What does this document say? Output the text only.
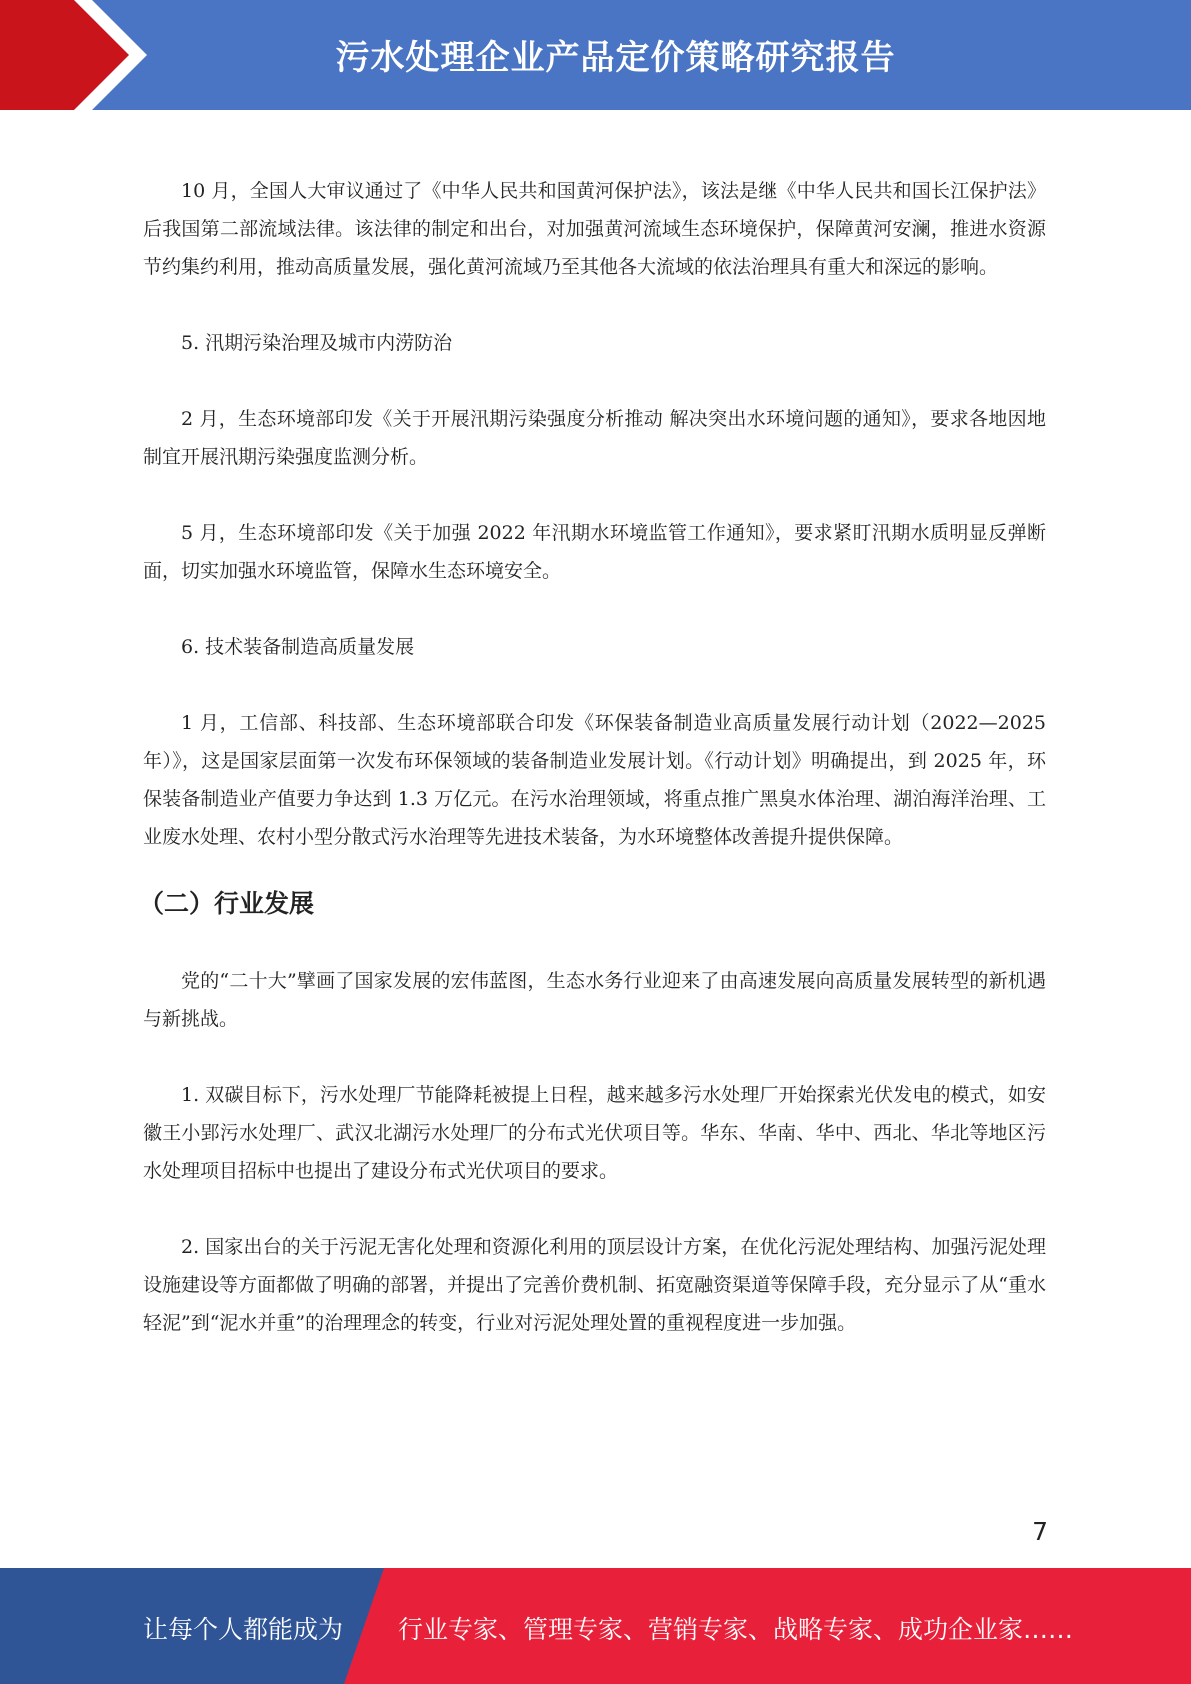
污水处理企业产品定价策略研究报告

10 月，全国人大审议通过了《中华人民共和国黄河保护法》，该法是继《中华人民共和国长江保护法》后我国第二部流域法律。该法律的制定和出台，对加强黄河流域生态环境保护，保障黄河安澜，推进水资源节约集约利用，推动高质量发展，强化黄河流域乃至其他各大流域的依法治理具有重大和深远的影响。

5. 汛期污染治理及城市内涝防治

2 月，生态环境部印发《关于开展汛期污染强度分析推动 解决突出水环境问题的通知》，要求各地因地制宜开展汛期污染强度监测分析。

5 月，生态环境部印发《关于加强 2022 年汛期水环境监管工作通知》，要求紧盯汛期水质明显反弹断面，切实加强水环境监管，保障水生态环境安全。

6. 技术装备制造高质量发展

1 月，工信部、科技部、生态环境部联合印发《环保装备制造业高质量发展行动计划（2022—2025 年）》，这是国家层面第一次发布环保领域的装备制造业发展计划。《行动计划》明确提出，到 2025 年，环保装备制造业产值要力争达到 1.3 万亿元。在污水治理领域，将重点推广黑臭水体治理、湖泊海洋治理、工业废水处理、农村小型分散式污水治理等先进技术装备，为水环境整体改善提升提供保障。

（二）行业发展

党的“二十大”擘画了国家发展的宏伟蓝图，生态水务行业迎来了由高速发展向高质量发展转型的新机遇与新挑战。

1. 双碳目标下，污水处理厂节能降耗被提上日程，越来越多污水处理厂开始探索光伏发电的模式，如安徽王小郢污水处理厂、武汉北湖污水处理厂的分布式光伏项目等。华东、华南、华中、西北、华北等地区污水处理项目招标中也提出了建设分布式光伏项目的要求。

2. 国家出台的关于污泥无害化处理和资源化利用的顶层设计方案，在优化污泥处理结构、加强污泥处理设施建设等方面都做了明确的部署，并提出了完善价费机制、拓宽融资渠道等保障手段，充分显示了从“重水轻泥”到“泥水并重”的治理理念的转变，行业对污泥处理处置的重视程度进一步加强。

7
让每个人都能成为 行业专家、管理专家、营销专家、战略专家、成功企业家……
